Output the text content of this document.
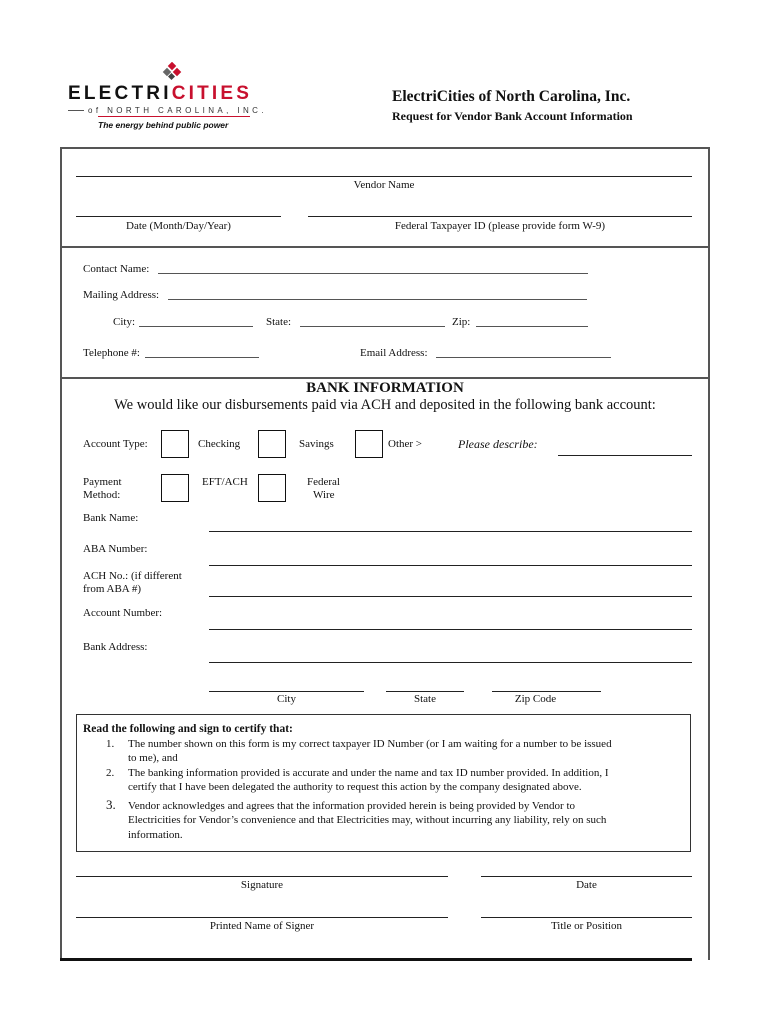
ELECTRICITIES
of NORTH CAROLINA, INC.
The energy behind public power
ElectriCities of North Carolina, Inc.
Request for Vendor Bank Account Information
Vendor Name
Date (Month/Day/Year)	Federal Taxpayer ID (please provide form W-9)
Contact Name:
Mailing Address:
City:	State:	Zip:
Telephone #:	Email Address:
BANK INFORMATION
We would like our disbursements paid via ACH and deposited in the following bank account:
Account Type:	Checking	Savings	Other >	Please describe:
Payment
Method:
EFT/ACH	Federal
Wire
Bank Name:
ABA Number:
ACH No.: (if different
from ABA #)
Account Number:
Bank Address:
City	State	Zip Code
Read the following and sign to certify that:
1. The number shown on this form is my correct taxpayer ID Number (or I am waiting for a number to be issued
to me), and
2. The banking information provided is accurate and under the name and tax ID number provided. In addition, I
certify that I have been delegated the authority to request this action by the company designated above.
3. Vendor acknowledges and agrees that the information provided herein is being provided by Vendor to
Electricities for Vendor’s convenience and that Electricities may, without incurring any liability, rely on such
information.
Signature	Date
Printed Name of Signer	Title or Position
